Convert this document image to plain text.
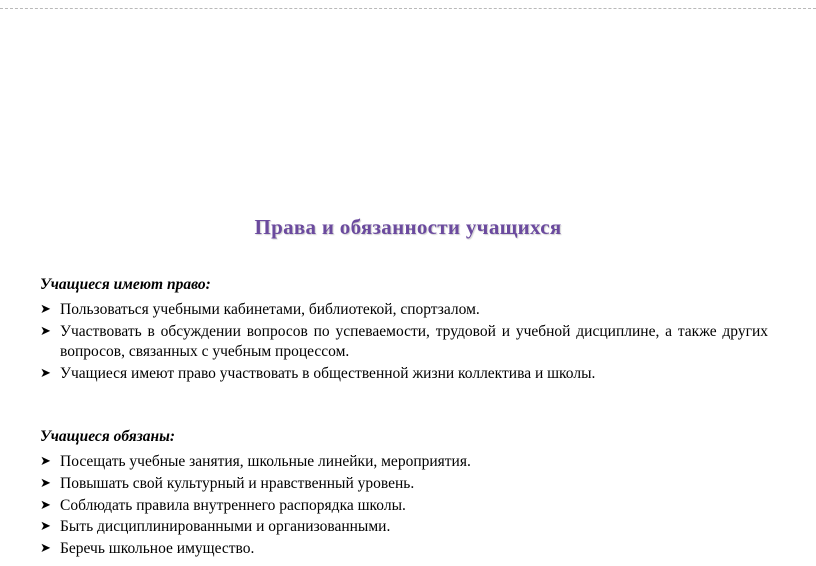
Права и обязанности учащихся
Учащиеся имеют право:
➤ Пользоваться учебными кабинетами, библиотекой, спортзалом.
➤ Участвовать в обсуждении вопросов по успеваемости, трудовой и учебной дисциплине, а также других вопросов, связанных с учебным процессом.
➤ Учащиеся имеют право участвовать в общественной жизни коллектива и школы.
Учащиеся обязаны:
➤ Посещать учебные занятия, школьные линейки, мероприятия.
➤ Повышать свой культурный и нравственный уровень.
➤ Соблюдать правила внутреннего распорядка школы.
➤ Быть дисциплинированными и организованными.
➤ Беречь школьное имущество.
